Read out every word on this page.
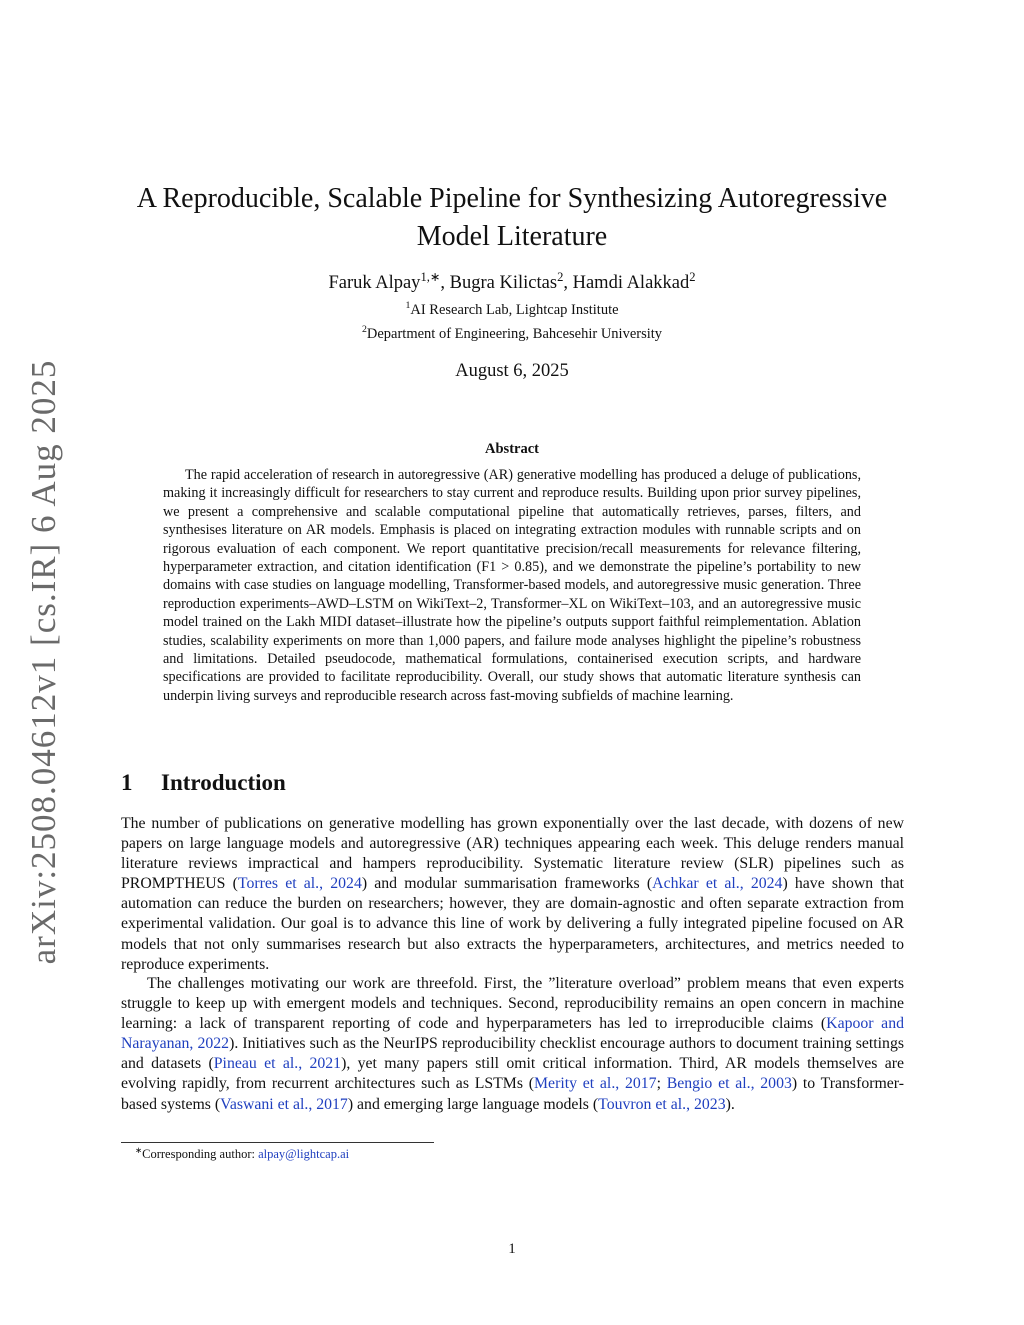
arXiv:2508.04612v1 [cs.IR] 6 Aug 2025
A Reproducible, Scalable Pipeline for Synthesizing Autoregressive
Model Literature
Faruk Alpay$^{1,∗}$, Bugra Kilictas$^2$, Hamdi Alakkad$^2$
$^1$AI Research Lab, Lightcap Institute
$^2$Department of Engineering, Bahcesehir University
August 6, 2025
Abstract

The rapid acceleration of research in autoregressive (AR) generative modelling has produced a deluge of publications, making it increasingly difficult for researchers to stay current and reproduce results. Building upon prior survey pipelines, we present a comprehensive and scalable computational pipeline that automatically retrieves, parses, filters, and synthesises literature on AR models. Emphasis is placed on integrating extraction modules with runnable scripts and on rigorous evaluation of each component. We report quantitative precision/recall measurements for relevance filtering, hyperparameter extraction, and citation identification (F1 > 0.85), and we demonstrate the pipeline’s portability to new domains with case studies on language modelling, Transformer-based models, and autoregressive music generation. Three reproduction experiments–AWD–LSTM on WikiText–2, Transformer–XL on WikiText–103, and an autoregressive music model trained on the Lakh MIDI dataset–illustrate how the pipeline’s outputs support faithful reimplementation. Ablation studies, scalability experiments on more than 1,000 papers, and failure mode analyses highlight the pipeline’s robustness and limitations. Detailed pseudocode, mathematical formulations, containerised execution scripts, and hardware specifications are provided to facilitate reproducibility. Overall, our study shows that automatic literature synthesis can underpin living surveys and reproducible research across fast-moving subfields of machine learning.

1 Introduction

The number of publications on generative modelling has grown exponentially over the last decade, with dozens of new papers on large language models and autoregressive (AR) techniques appearing each week. This deluge renders manual literature reviews impractical and hampers reproducibility. Systematic literature review (SLR) pipelines such as PROMPTHEUS (Torres et al., 2024) and modular summarisation frameworks (Achkar et al., 2024) have shown that automation can reduce the burden on researchers; however, they are domain-agnostic and often separate extraction from experimental validation. Our goal is to advance this line of work by delivering a fully integrated pipeline focused on AR models that not only summarises research but also extracts the hyperparameters, architectures, and metrics needed to reproduce experiments.

The challenges motivating our work are threefold. First, the ”literature overload” problem means that even experts struggle to keep up with emergent models and techniques. Second, reproducibility remains an open concern in machine learning: a lack of transparent reporting of code and hyperparameters has led to irreproducible claims (Kapoor and Narayanan, 2022). Initiatives such as the NeurIPS reproducibility checklist encourage authors to document training settings and datasets (Pineau et al., 2021), yet many papers still omit critical information. Third, AR models themselves are evolving rapidly, from recurrent architectures such as LSTMs (Merity et al., 2017; Bengio et al., 2003) to Transformer-based systems (Vaswani et al., 2017) and emerging large language models (Touvron et al., 2023).

∗Corresponding author: alpay@lightcap.ai
1
